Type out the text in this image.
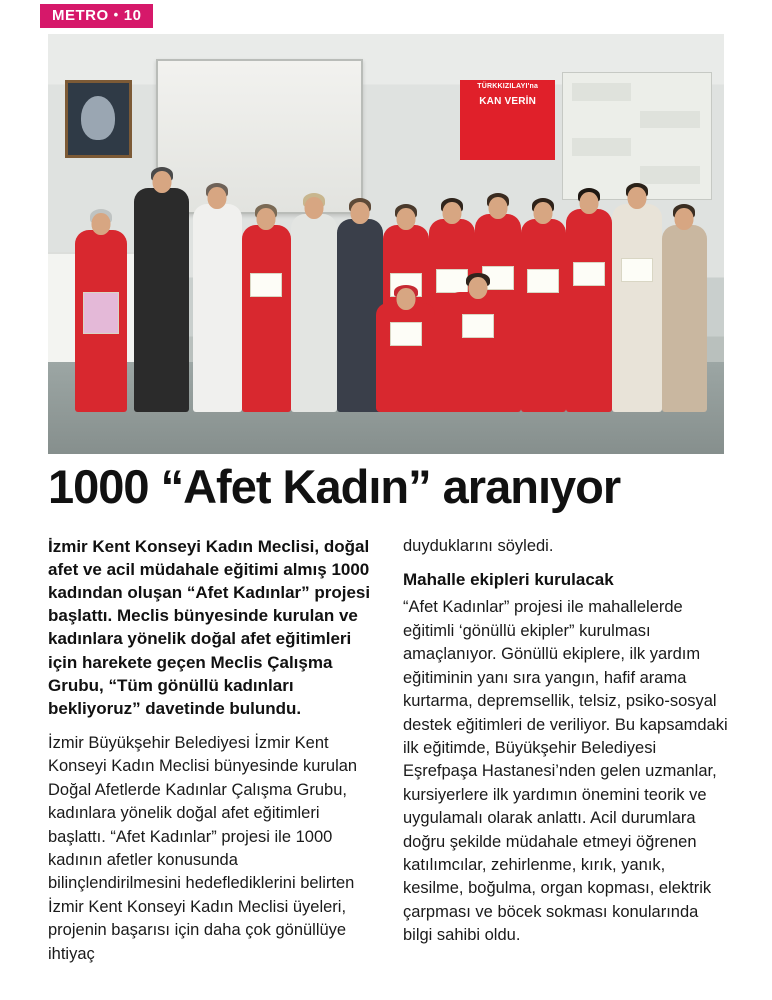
METRO • 10
TÜRKKIZILAYI'na
KAN VERİN
1000 “Afet Kadın” aranıyor

İzmir Kent Konseyi Kadın Meclisi, doğal afet ve acil müdahale eğitimi almış 1000 kadından oluşan “Afet Kadınlar” projesi başlattı. Meclis bünyesinde kurulan ve kadınlara yönelik doğal afet eğitimleri için harekete geçen Meclis Çalışma Grubu, “Tüm gönüllü kadınları bekliyoruz” davetinde bulundu.

İzmir Büyükşehir Belediyesi İzmir Kent Konseyi Kadın Meclisi bünyesinde kurulan Doğal Afetlerde Kadınlar Çalışma Grubu, kadınlara yönelik doğal afet eğitimleri başlattı. “Afet Kadınlar” projesi ile 1000 kadının afetler konusunda bilinçlendirilmesini hedeflediklerini belirten İzmir Kent Konseyi Kadın Meclisi üyeleri, projenin başarısı için daha çok gönüllüye ihtiyaç

duyduklarını söyledi.

Mahalle ekipleri kurulacak

“Afet Kadınlar” projesi ile mahallelerde eğitimli ‘gönüllü ekipler” kurulması amaçlanıyor. Gönüllü ekiplere, ilk yardım eğitiminin yanı sıra yangın, hafif arama kurtarma, depremsellik, telsiz, psiko-sosyal destek eğitimleri de veriliyor. Bu kapsamdaki ilk eğitimde, Büyükşehir Belediyesi Eşrefpaşa Hastanesi’nden gelen uzmanlar, kursiyerlere ilk yardımın önemini teorik ve uygulamalı olarak anlattı. Acil durumlara doğru şekilde müdahale etmeyi öğrenen katılımcılar, zehirlenme, kırık, yanık, kesilme, boğulma, organ kopması, elektrik çarpması ve böcek sokması konularında bilgi sahibi oldu.
